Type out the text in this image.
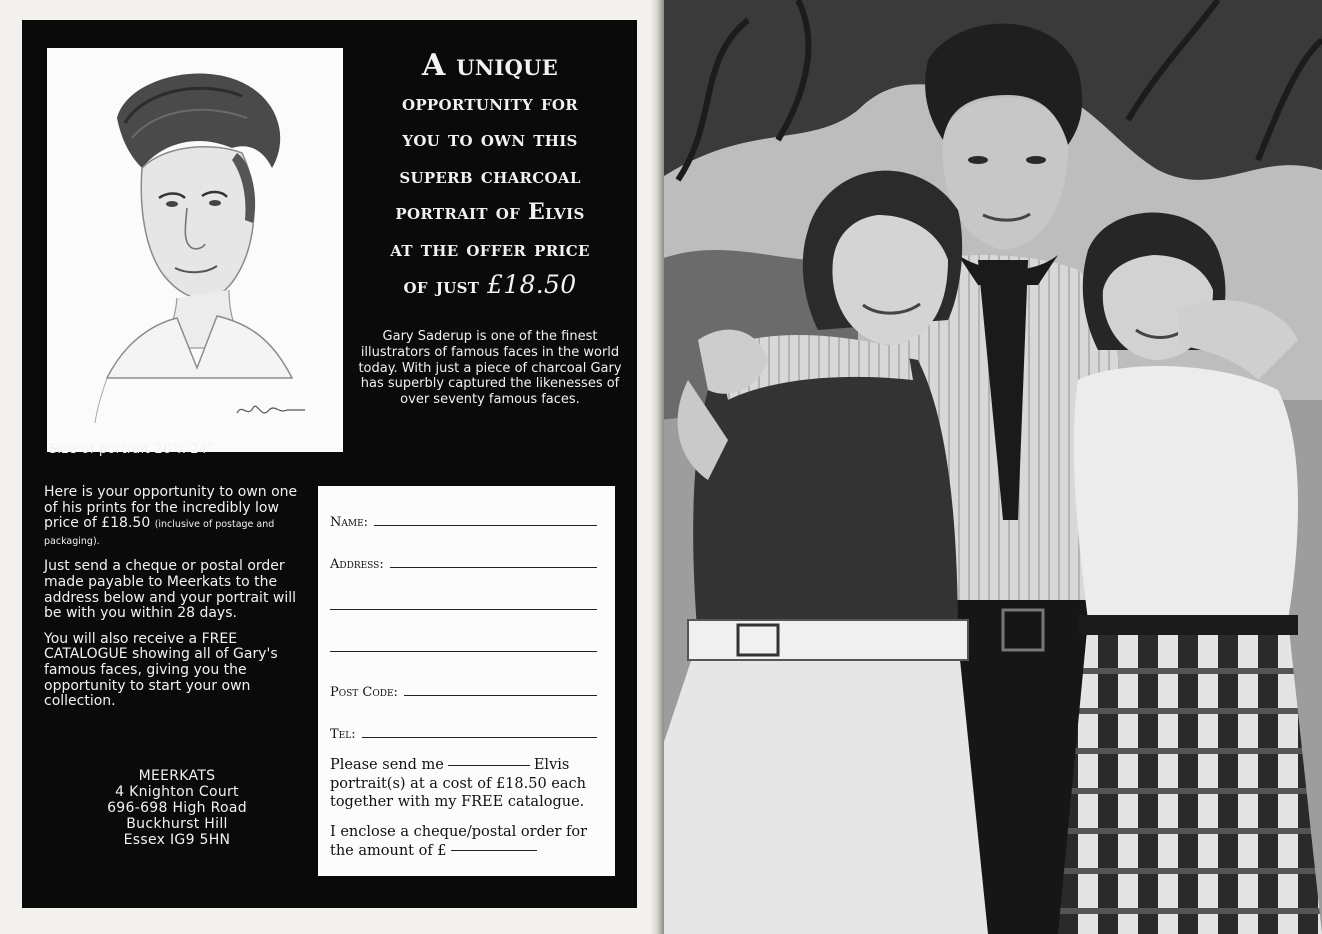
Size of portrait 20"x 24"
A unique
opportunity for
you to own this
superb charcoal
portrait of Elvis
at the offer price
of just £18.50
Gary Saderup is one of the finest illustrators of famous faces in the world today. With just a piece of charcoal Gary has superbly captured the likenesses of over seventy famous faces.

Here is your opportunity to own one of his prints for the incredibly low price of £18.50 (inclusive of postage and packaging).

Just send a cheque or postal order made payable to Meerkats to the address below and your portrait will be with you within 28 days.

You will also receive a FREE CATALOGUE showing all of Gary's famous faces, giving you the opportunity to start your own collection.

MEERKATS
4 Knighton Court
696-698 High Road
Buckhurst Hill
Essex IG9 5HN
Name:
Address:
Post Code:
Tel:
Please send me	Elvis portrait(s) at a cost of £18.50 each together with my FREE catalogue.
I enclose a cheque/postal order for the amount of £
